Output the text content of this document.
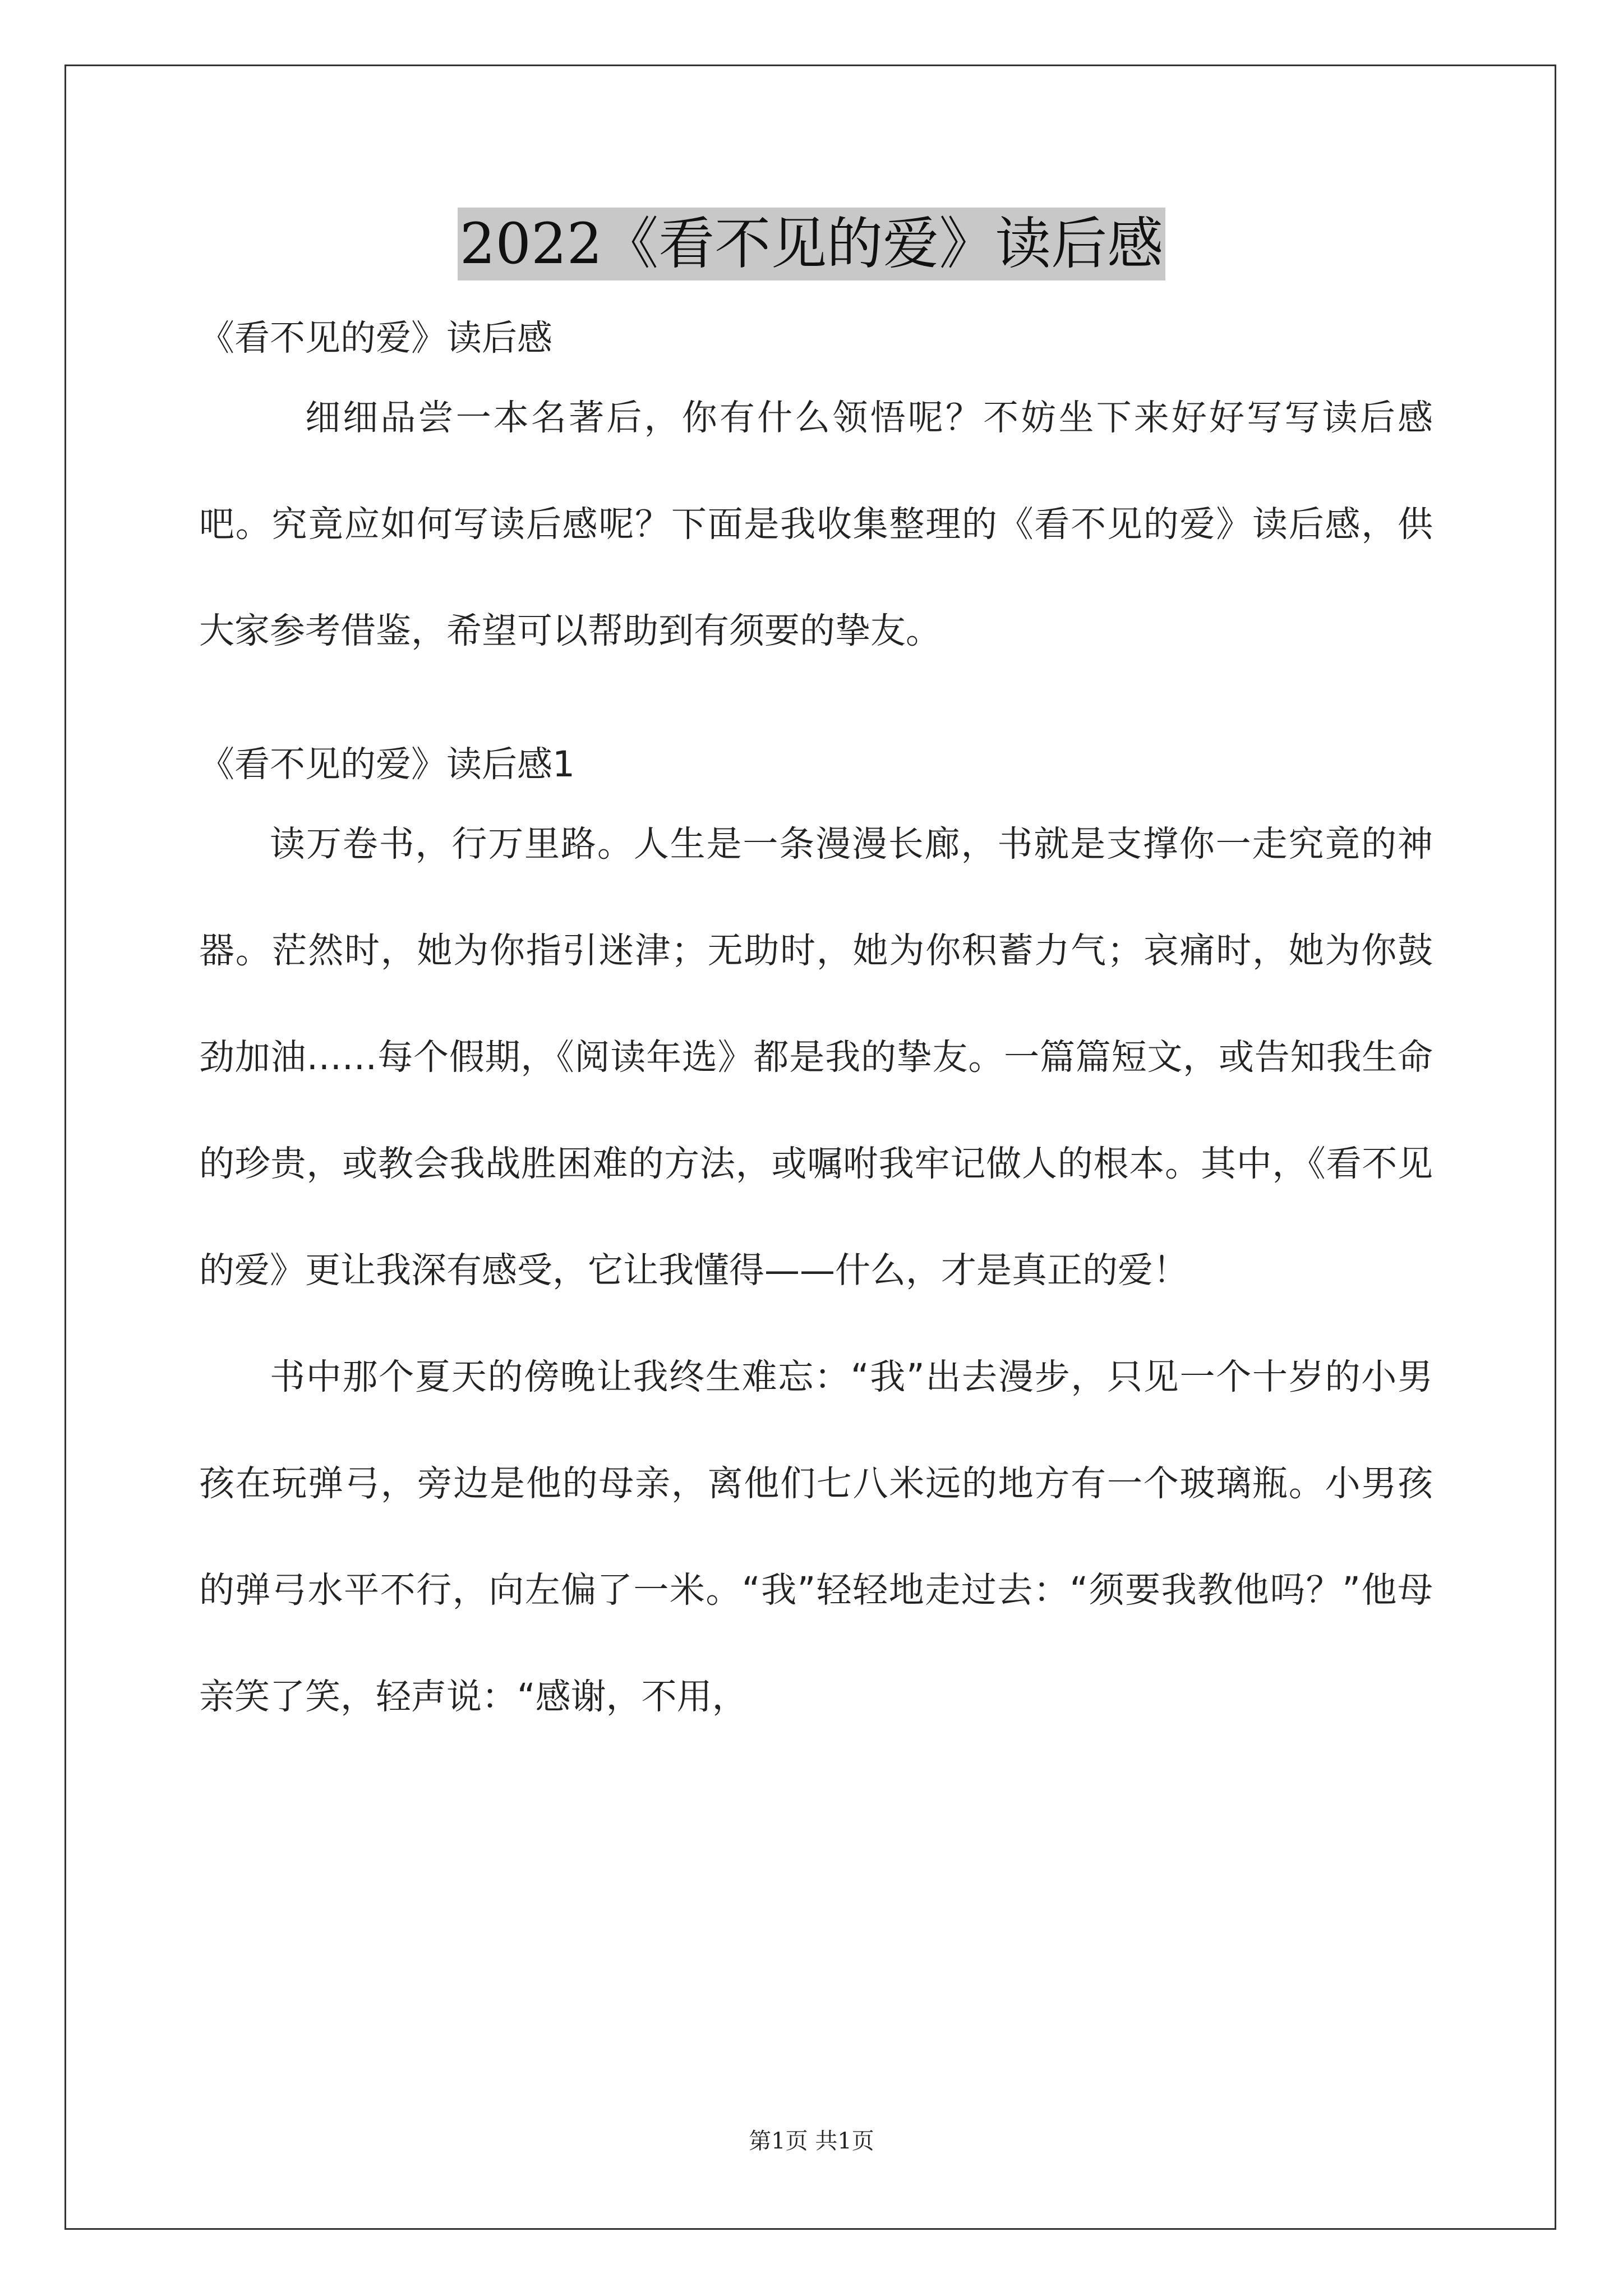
2022《看不见的爱》读后感

《看不见的爱》读后感

细细品尝一本名著后，你有什么领悟呢？不妨坐下来好好写写读后感吧。究竟应如何写读后感呢？下面是我收集整理的《看不见的爱》读后感，供大家参考借鉴，希望可以帮助到有须要的挚友。

《看不见的爱》读后感1

读万卷书，行万里路。人生是一条漫漫长廊，书就是支撑你一走究竟的神器。茫然时，她为你指引迷津；无助时，她为你积蓄力气；哀痛时，她为你鼓劲加油……每个假期，《阅读年选》都是我的挚友。一篇篇短文，或告知我生命的珍贵，或教会我战胜困难的方法，或嘱咐我牢记做人的根本。其中，《看不见的爱》更让我深有感受，它让我懂得——什么，才是真正的爱！

书中那个夏天的傍晚让我终生难忘：“我”出去漫步，只见一个十岁的小男孩在玩弹弓，旁边是他的母亲，离他们七八米远的地方有一个玻璃瓶。小男孩的弹弓水平不行，向左偏了一米。“我”轻轻地走过去：“须要我教他吗？”他母亲笑了笑，轻声说：“感谢，不用，

第1页 共1页
